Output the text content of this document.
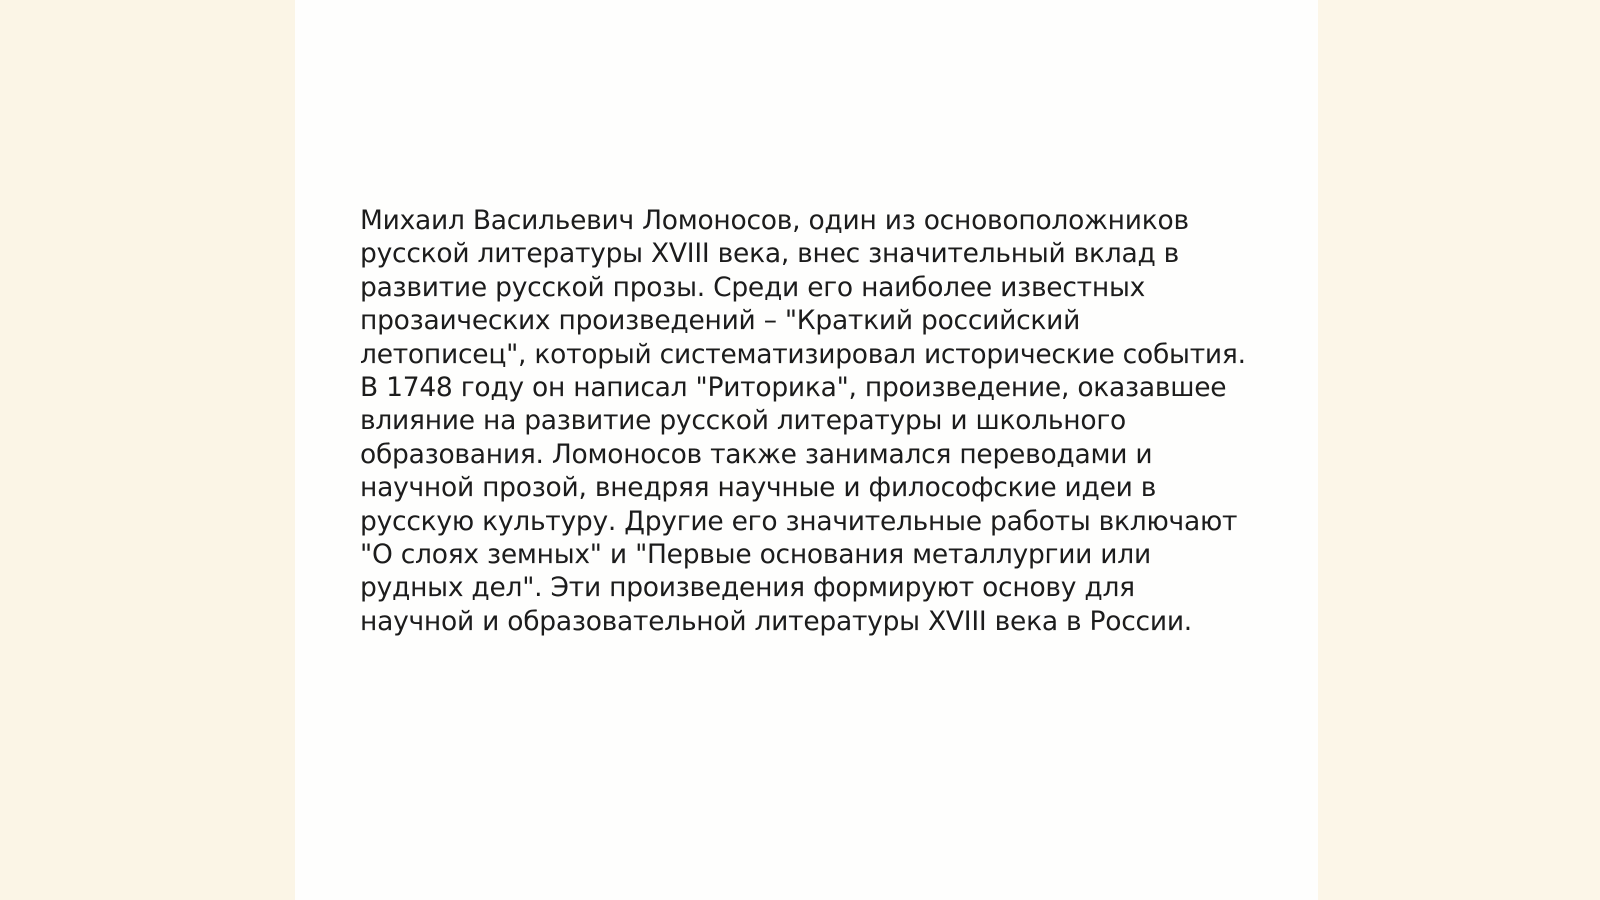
Михаил Васильевич Ломоносов, один из основоположников
русской литературы XVIII века, внес значительный вклад в
развитие русской прозы. Среди его наиболее известных
прозаических произведений – "Краткий российский
летописец", который систематизировал исторические события.
В 1748 году он написал "Риторика", произведение, оказавшее
влияние на развитие русской литературы и школьного
образования. Ломоносов также занимался переводами и
научной прозой, внедряя научные и философские идеи в
русскую культуру. Другие его значительные работы включают
"О слоях земных" и "Первые основания металлургии или
рудных дел". Эти произведения формируют основу для
научной и образовательной литературы XVIII века в России.
